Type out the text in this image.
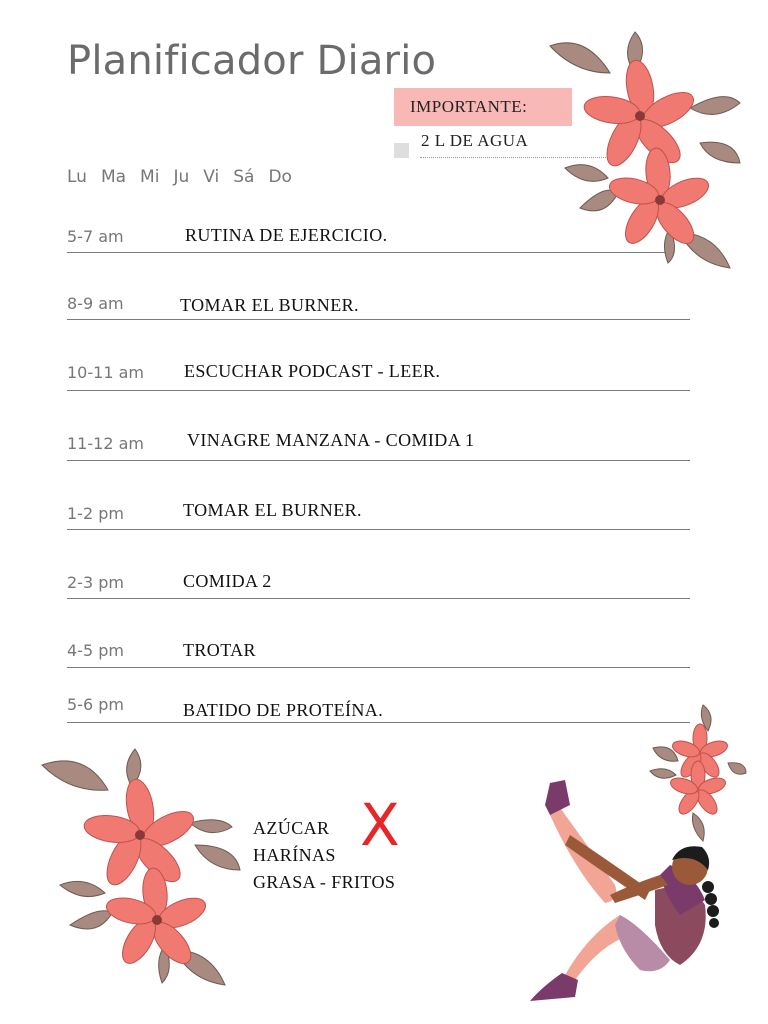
Planificador Diario
IMPORTANTE:
2 L DE AGUA
Lu Ma Mi Ju Vi Sá Do
5-7 am	RUTINA DE EJERCICIO.
8-9 am	TOMAR EL BURNER.
10-11 am ESCUCHAR PODCAST - LEER.
11-12 am VINAGRE MANZANA - COMIDA 1
1-2 pm	TOMAR EL BURNER.
2-3 pm	COMIDA 2
4-5 pm	TROTAR
5-6 pm	BATIDO DE PROTEÍNA.
AZÚCAR
HARÍNAS
GRASA - FRITOS
X
